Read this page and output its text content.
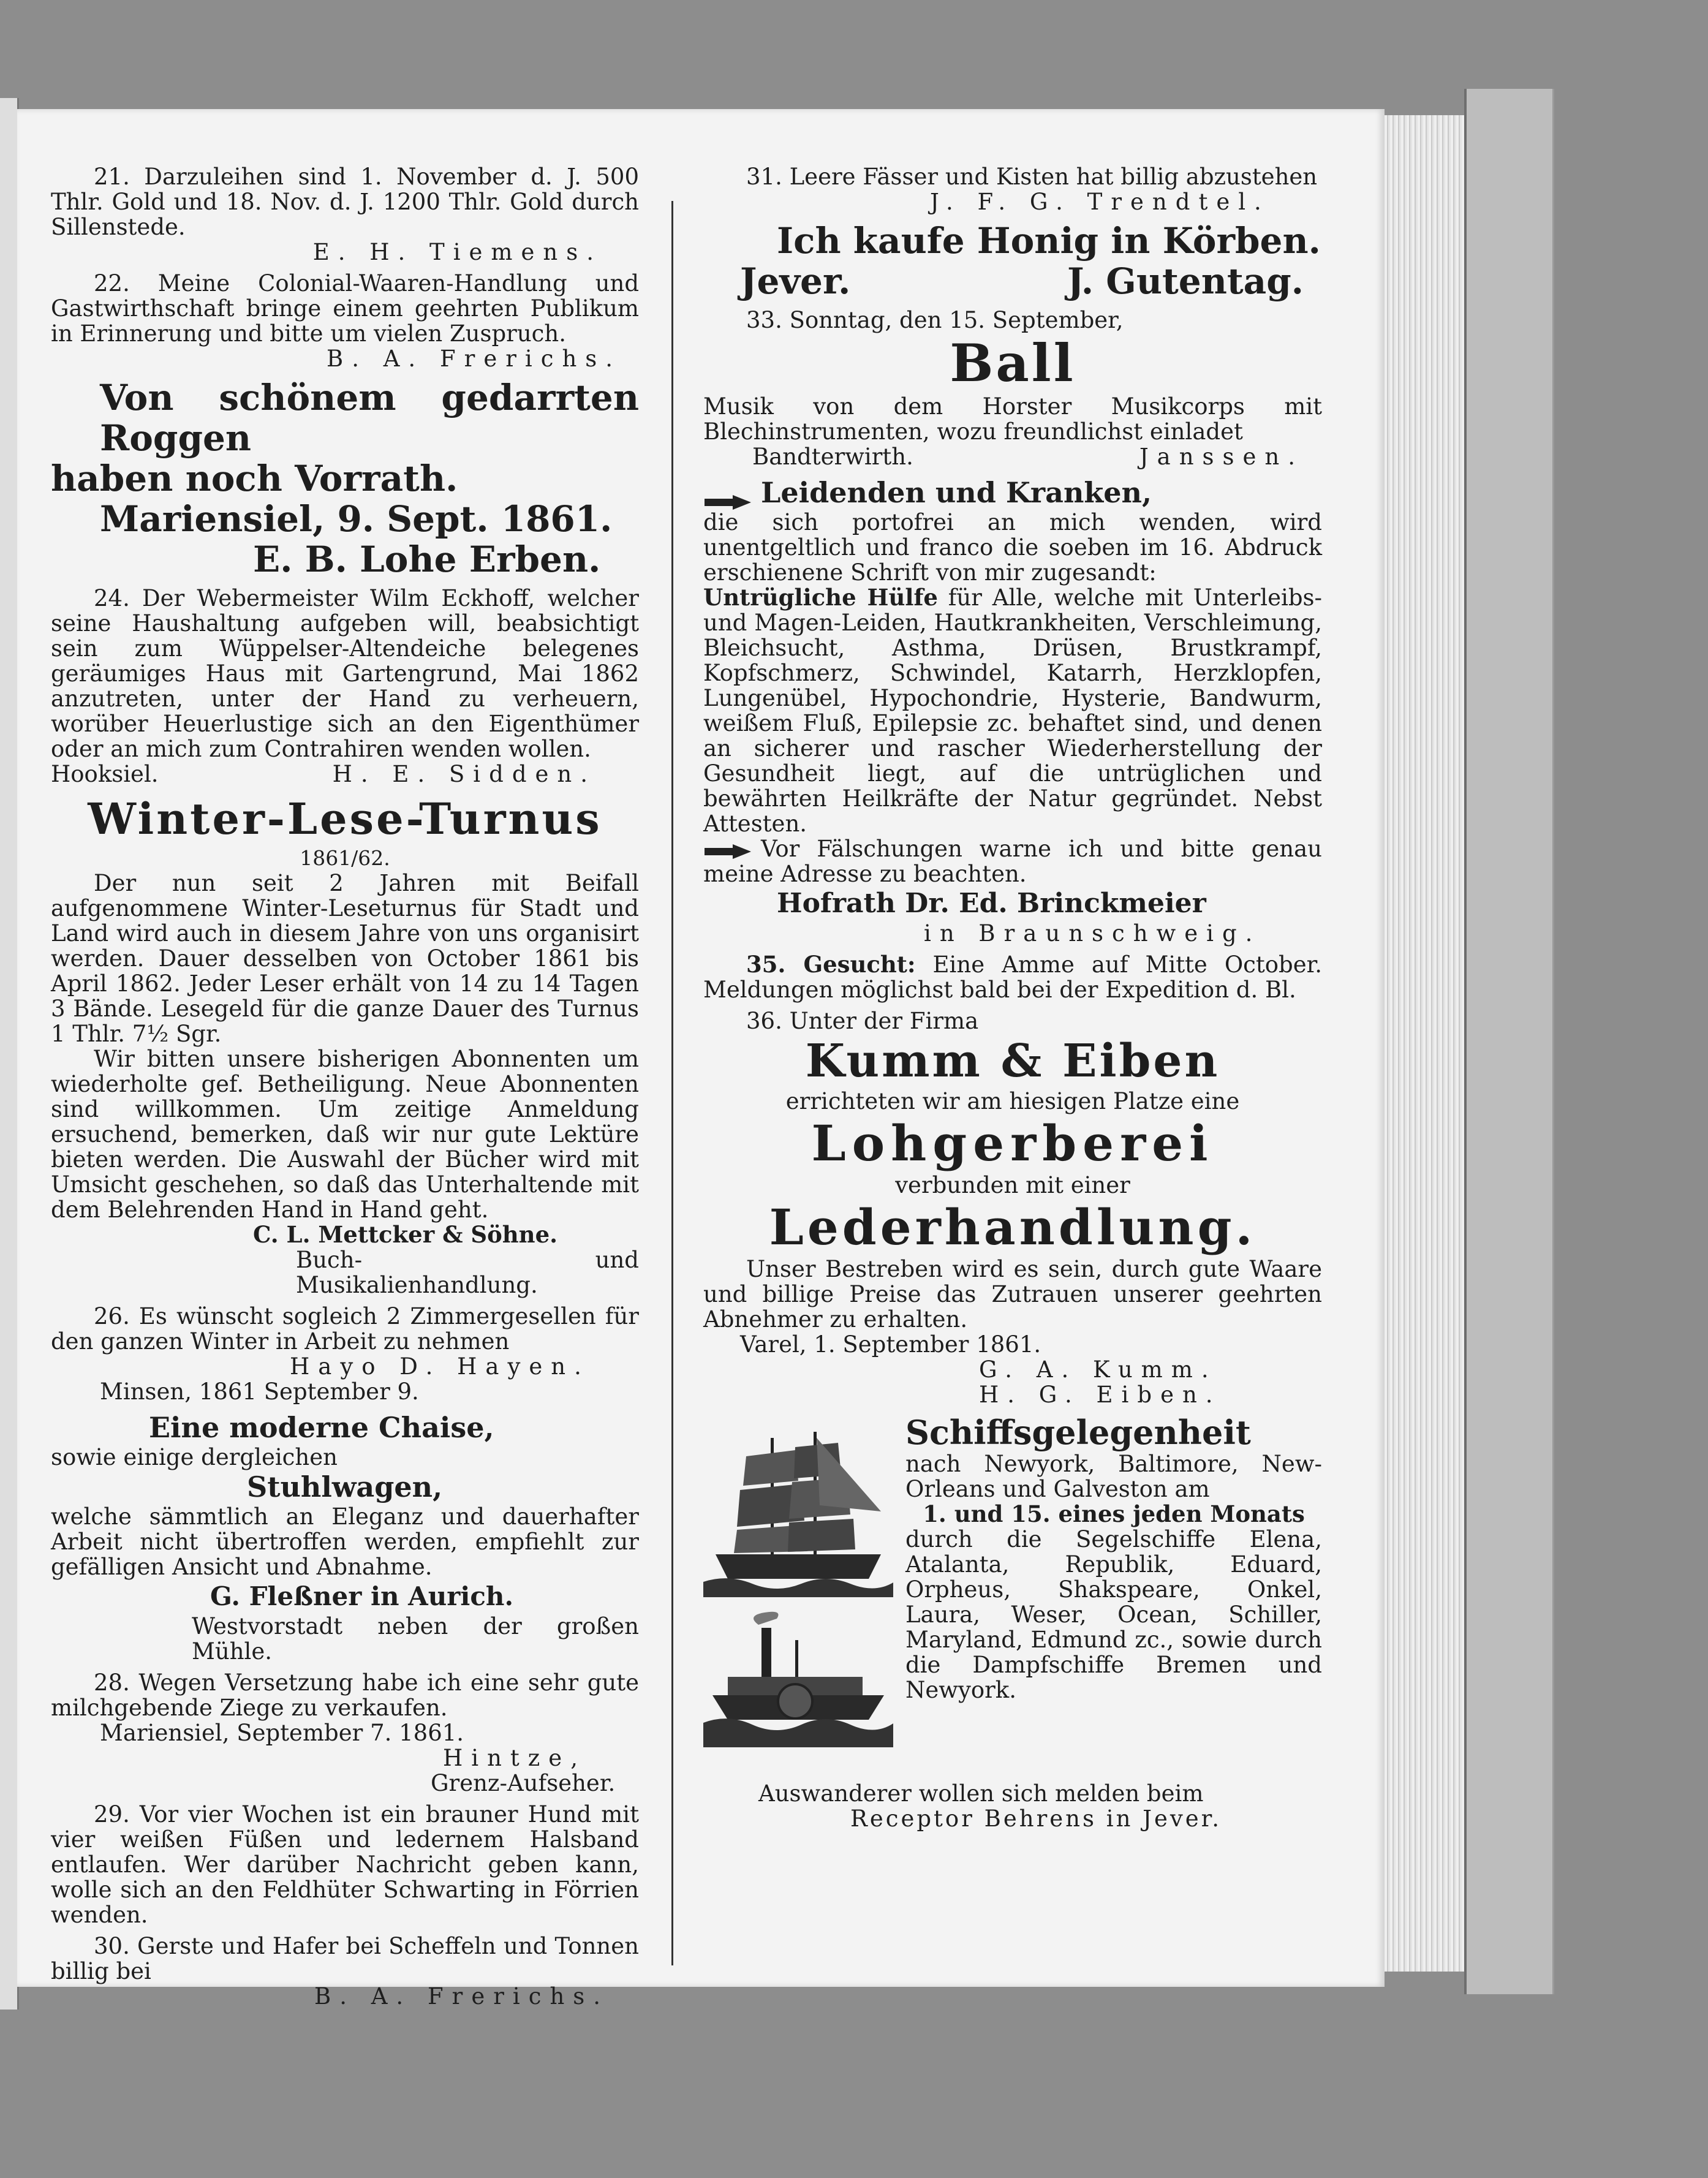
21. Darzuleihen sind 1. November d. J. 500 Thlr. Gold und 18. Nov. d. J. 1200 Thlr. Gold durch Sillenstede.
E. H. Tiemens.
22. Meine Colonial-Waaren-Handlung und Gastwirthschaft bringe einem geehrten Publikum in Erinnerung und bitte um vielen Zuspruch.
B. A. Frerichs.
Von schönem gedarrten Roggen
haben noch Vorrath.
Mariensiel, 9. Sept. 1861.
E. B. Lohe Erben.
24. Der Webermeister Wilm Eckhoff, welcher seine Haushaltung aufgeben will, beabsichtigt sein zum Wüppelser-Altendeiche belegenes geräumiges Haus mit Gartengrund, Mai 1862 anzutreten, unter der Hand zu verheuern, worüber Heuerlustige sich an den Eigenthümer oder an mich zum Contrahiren wenden wollen.
Hooksiel.	H. E. Sidden.
Winter-Lese-Turnus
1861/62.
Der nun seit 2 Jahren mit Beifall aufgenommene Winter-Leseturnus für Stadt und Land wird auch in diesem Jahre von uns organisirt werden. Dauer desselben von October 1861 bis April 1862. Jeder Leser erhält von 14 zu 14 Tagen 3 Bände. Lesegeld für die ganze Dauer des Turnus 1 Thlr. 7½ Sgr.
Wir bitten unsere bisherigen Abonnenten um wiederholte gef. Betheiligung. Neue Abonnenten sind willkommen. Um zeitige Anmeldung ersuchend, bemerken, daß wir nur gute Lektüre bieten werden. Die Auswahl der Bücher wird mit Umsicht geschehen, so daß das Unterhaltende mit dem Belehrenden Hand in Hand geht.
C. L. Mettcker & Söhne.
Buch- und Musikalienhandlung.
26. Es wünscht sogleich 2 Zimmergesellen für den ganzen Winter in Arbeit zu nehmen
Hayo D. Hayen.
Minsen, 1861 September 9.
Eine moderne Chaise,
sowie einige dergleichen
Stuhlwagen,
welche sämmtlich an Eleganz und dauerhafter Arbeit nicht übertroffen werden, empfiehlt zur gefälligen Ansicht und Abnahme.
G. Fleßner in Aurich.
Westvorstadt neben der großen Mühle.
28. Wegen Versetzung habe ich eine sehr gute milchgebende Ziege zu verkaufen.
Mariensiel, September 7. 1861.
Hintze,
Grenz-Aufseher.
29. Vor vier Wochen ist ein brauner Hund mit vier weißen Füßen und ledernem Halsband entlaufen. Wer darüber Nachricht geben kann, wolle sich an den Feldhüter Schwarting in Förrien wenden.
30. Gerste und Hafer bei Scheffeln und Tonnen billig bei
B. A. Frerichs.
31. Leere Fässer und Kisten hat billig abzustehen
J. F. G. Trendtel.
Ich kaufe Honig in Körben.
Jever.	J. Gutentag.
33. Sonntag, den 15. September,
Ball
Musik von dem Horster Musikcorps mit Blechinstrumenten, wozu freundlichst einladet
Bandterwirth.	Janssen.
Leidenden und Kranken,
die sich portofrei an mich wenden, wird unentgeltlich und franco die soeben im 16. Abdruck erschienene Schrift von mir zugesandt:
Untrügliche Hülfe für Alle, welche mit Unterleibs- und Magen-Leiden, Hautkrankheiten, Verschleimung, Bleichsucht, Asthma, Drüsen, Brustkrampf, Kopfschmerz, Schwindel, Katarrh, Herzklopfen, Lungenübel, Hypochondrie, Hysterie, Bandwurm, weißem Fluß, Epilepsie zc. behaftet sind, und denen an sicherer und rascher Wiederherstellung der Gesundheit liegt, auf die untrüglichen und bewährten Heilkräfte der Natur gegründet. Nebst Attesten.
Vor Fälschungen warne ich und bitte genau meine Adresse zu beachten.
Hofrath Dr. Ed. Brinckmeier
in Braunschweig.
35. Gesucht: Eine Amme auf Mitte October. Meldungen möglichst bald bei der Expedition d. Bl.
36. Unter der Firma
Kumm & Eiben
errichteten wir am hiesigen Platze eine
Lohgerberei
verbunden mit einer
Lederhandlung.
Unser Bestreben wird es sein, durch gute Waare und billige Preise das Zutrauen unserer geehrten Abnehmer zu erhalten.
Varel, 1. September 1861.
G. A. Kumm.
H. G. Eiben.
Schiffsgelegenheit
nach Newyork, Baltimore, New-Orleans und Galveston am
1. und 15. eines jeden Monats
durch die Segelschiffe Elena, Atalanta, Republik, Eduard, Orpheus, Shakspeare, Onkel, Laura, Weser, Ocean, Schiller, Maryland, Edmund zc., sowie durch die Dampfschiffe Bremen und Newyork.
Auswanderer wollen sich melden beim
Receptor Behrens in Jever.
